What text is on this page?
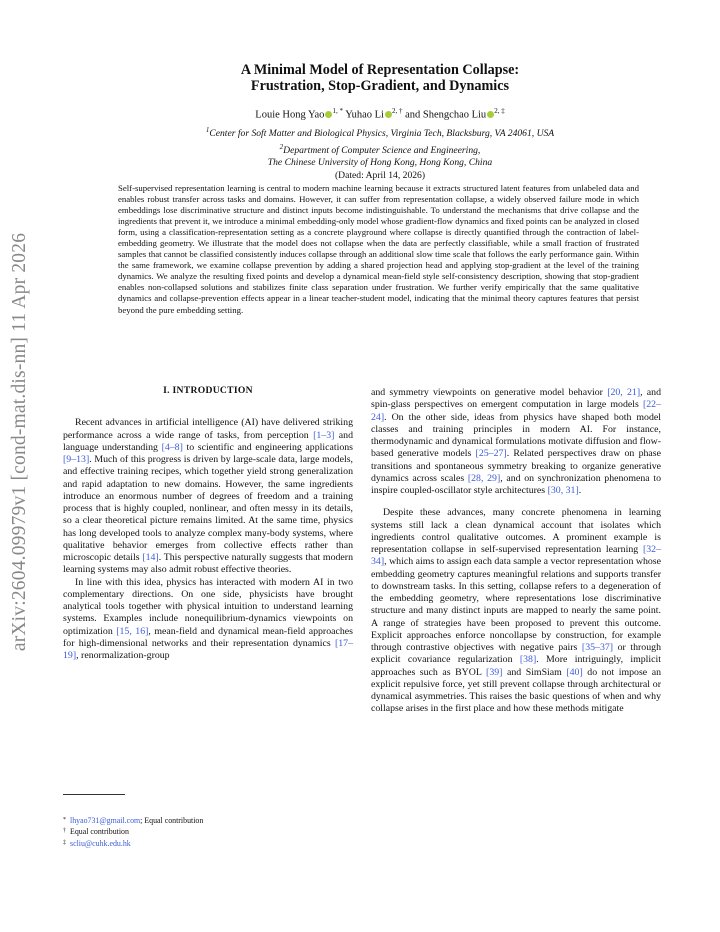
arXiv:2604.09979v1 [cond-mat.dis-nn] 11 Apr 2026
A Minimal Model of Representation Collapse:
Frustration, Stop-Gradient, and Dynamics
Louie Hong Yao $^{1, *}$ Yuhao Li $^{2, \dagger}$ and Shengchao Liu $^{2, \ddagger}$
$^1$Center for Soft Matter and Biological Physics, Virginia Tech, Blacksburg, VA 24061, USA
$^2$Department of Computer Science and Engineering,
The Chinese University of Hong Kong, Hong Kong, China
(Dated: April 14, 2026)
Self-supervised representation learning is central to modern machine learning because it extracts structured latent features from unlabeled data and enables robust transfer across tasks and domains. However, it can suffer from representation collapse, a widely observed failure mode in which embeddings lose discriminative structure and distinct inputs become indistinguishable. To understand the mechanisms that drive collapse and the ingredients that prevent it, we introduce a minimal embedding-only model whose gradient-flow dynamics and fixed points can be analyzed in closed form, using a classification-representation setting as a concrete playground where collapse is directly quantified through the contraction of label-embedding geometry. We illustrate that the model does not collapse when the data are perfectly classifiable, while a small fraction of frustrated samples that cannot be classified consistently induces collapse through an additional slow time scale that follows the early performance gain. Within the same framework, we examine collapse prevention by adding a shared projection head and applying stop-gradient at the level of the training dynamics. We analyze the resulting fixed points and develop a dynamical mean-field style self-consistency description, showing that stop-gradient enables non-collapsed solutions and stabilizes finite class separation under frustration. We further verify empirically that the same qualitative dynamics and collapse-prevention effects appear in a linear teacher-student model, indicating that the minimal theory captures features that persist beyond the pure embedding setting.
I. INTRODUCTION

Recent advances in artificial intelligence (AI) have delivered striking performance across a wide range of tasks, from perception [1–3] and language understanding [4–8] to scientific and engineering applications [9–13]. Much of this progress is driven by large-scale data, large models, and effective training recipes, which together yield strong generalization and rapid adaptation to new domains. However, the same ingredients introduce an enormous number of degrees of freedom and a training process that is highly coupled, nonlinear, and often messy in its details, so a clear theoretical picture remains limited. At the same time, physics has long developed tools to analyze complex many-body systems, where qualitative behavior emerges from collective effects rather than microscopic details [14]. This perspective naturally suggests that modern learning systems may also admit robust effective theories.

In line with this idea, physics has interacted with modern AI in two complementary directions. On one side, physicists have brought analytical tools together with physical intuition to understand learning systems. Examples include nonequilibrium-dynamics viewpoints on optimization [15, 16], mean-field and dynamical mean-field approaches for high-dimensional networks and their representation dynamics [17–19], renormalization-group

and symmetry viewpoints on generative model behavior [20, 21], and spin-glass perspectives on emergent computation in large models [22–24]. On the other side, ideas from physics have shaped both model classes and training principles in modern AI. For instance, thermodynamic and dynamical formulations motivate diffusion and flow-based generative models [25–27]. Related perspectives draw on phase transitions and spontaneous symmetry breaking to organize generative dynamics across scales [28, 29], and on synchronization phenomena to inspire coupled-oscillator style architectures [30, 31].

Despite these advances, many concrete phenomena in learning systems still lack a clean dynamical account that isolates which ingredients control qualitative outcomes. A prominent example is representation collapse in self-supervised representation learning [32–34], which aims to assign each data sample a vector representation whose embedding geometry captures meaningful relations and supports transfer to downstream tasks. In this setting, collapse refers to a degeneration of the embedding geometry, where representations lose discriminative structure and many distinct inputs are mapped to nearly the same point. A range of strategies have been proposed to prevent this outcome. Explicit approaches enforce noncollapse by construction, for example through contrastive objectives with negative pairs [35–37] or through explicit covariance regularization [38]. More intriguingly, implicit approaches such as BYOL [39] and SimSiam [40] do not impose an explicit repulsive force, yet still prevent collapse through architectural or dynamical asymmetries. This raises the basic questions of when and why collapse arises in the first place and how these methods mitigate

* lhyao731@gmail.com; Equal contribution
† Equal contribution
‡ scliu@cuhk.edu.hk
